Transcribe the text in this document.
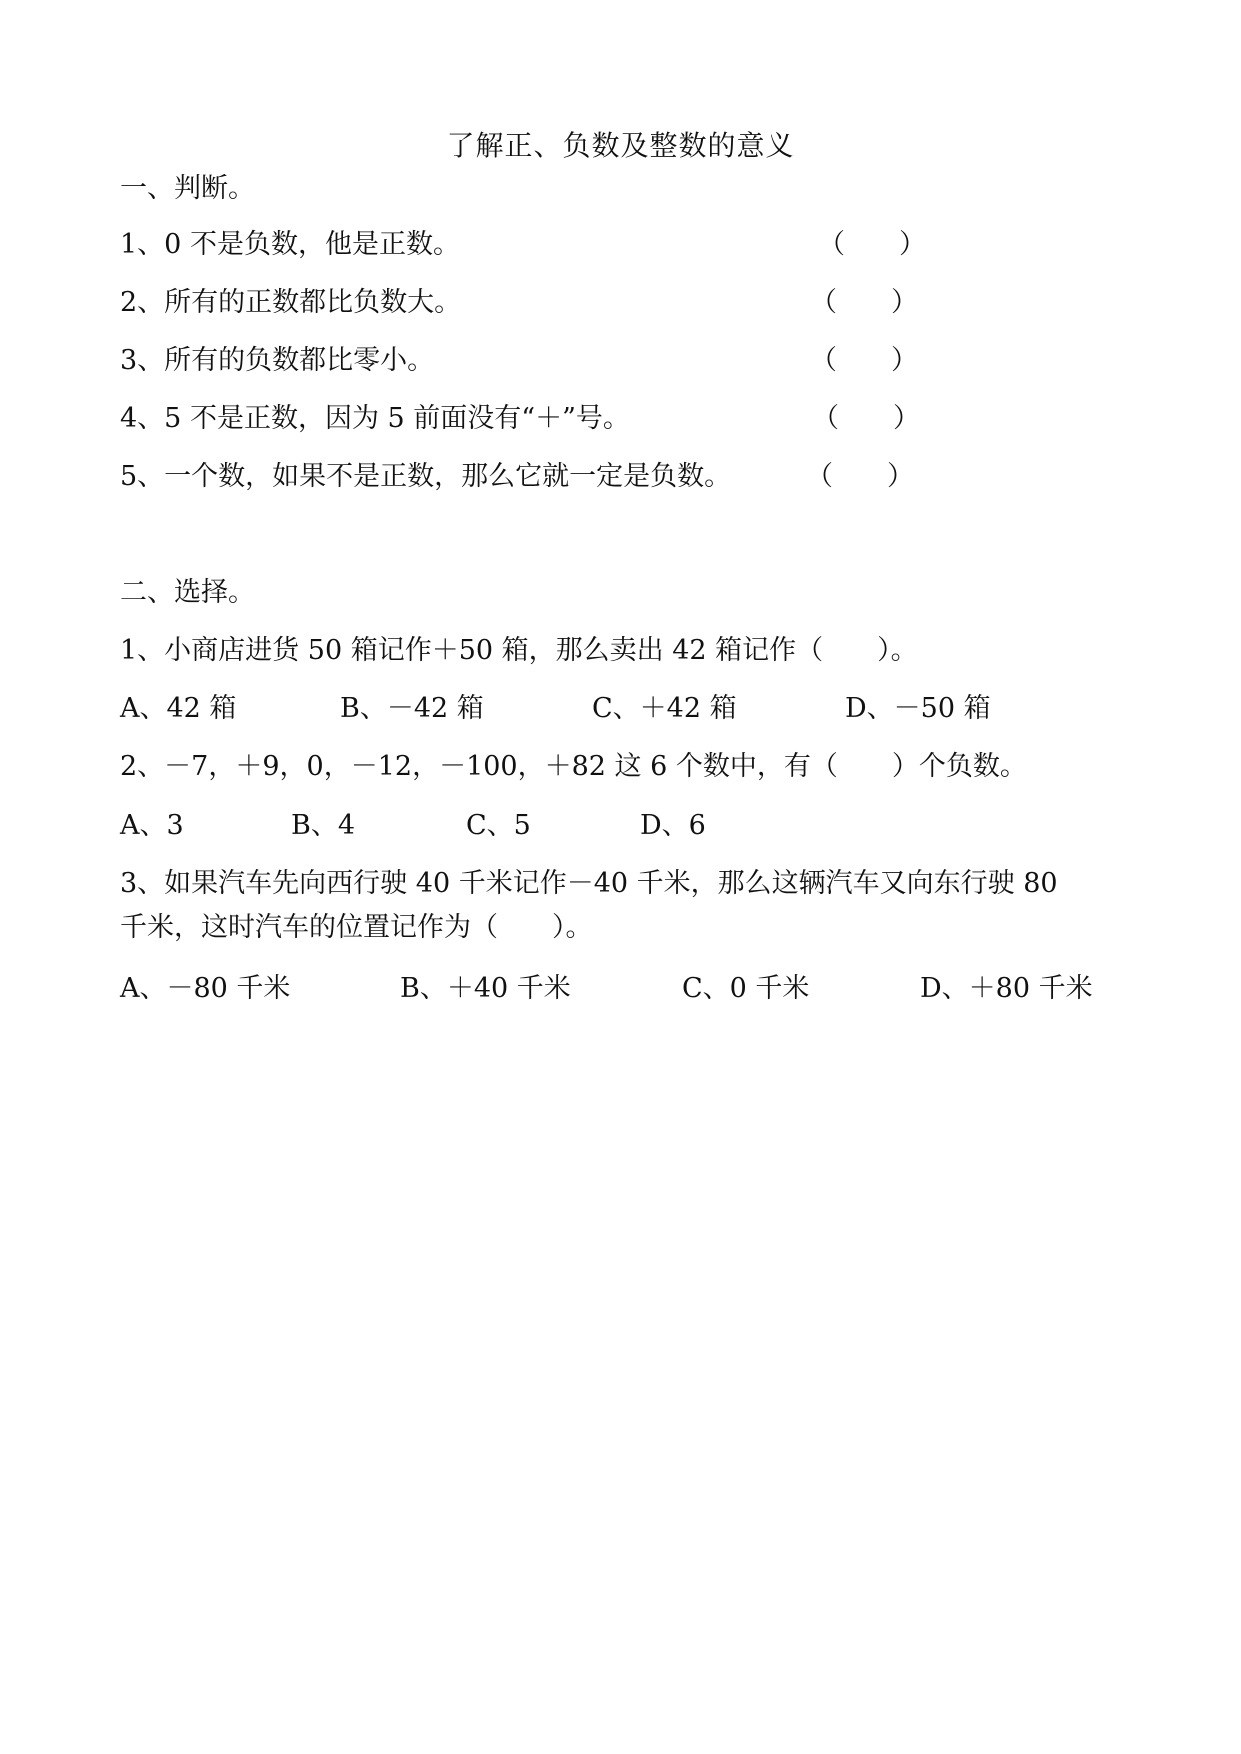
了解正、负数及整数的意义
一、判断。
1、0 不是负数，他是正数。	（　　）
2、所有的正数都比负数大。	（　　）
3、所有的负数都比零小。	（　　）
4、5 不是正数，因为 5 前面没有“＋”号。	（　　）
5、一个数，如果不是正数，那么它就一定是负数。	（　　）
二、选择。
1、小商店进货 50 箱记作＋50 箱，那么卖出 42 箱记作（　　）。
A、42 箱	B、－42 箱	C、＋42 箱	D、－50 箱
2、－7，＋9，0，－12，－100，＋82 这 6 个数中，有（　　）个负数。
A、3	B、4	C、5	D、6
3、如果汽车先向西行驶 40 千米记作－40 千米，那么这辆汽车又向东行驶 80
千米，这时汽车的位置记作为（　　）。
A、－80 千米	B、＋40 千米	C、0 千米	D、＋80 千米
